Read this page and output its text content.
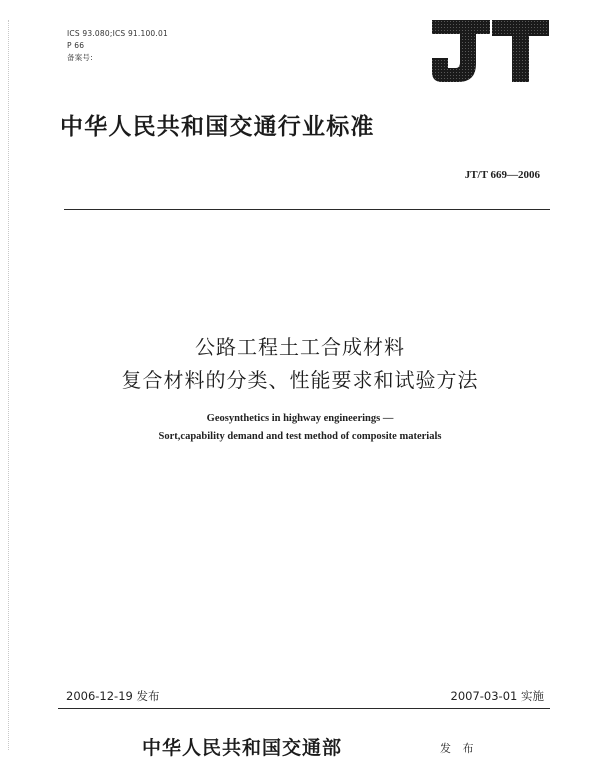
ICS 93.080;ICS 91.100.01
P 66
备案号:
中华人民共和国交通行业标准
JT/T 669—2006
公路工程土工合成材料
复合材料的分类、性能要求和试验方法
Geosynthetics in highway engineerings —
Sort,capability demand and test method of composite materials
2006-12-19 发布	2007-03-01 实施
中华人民共和国交通部	发 布
